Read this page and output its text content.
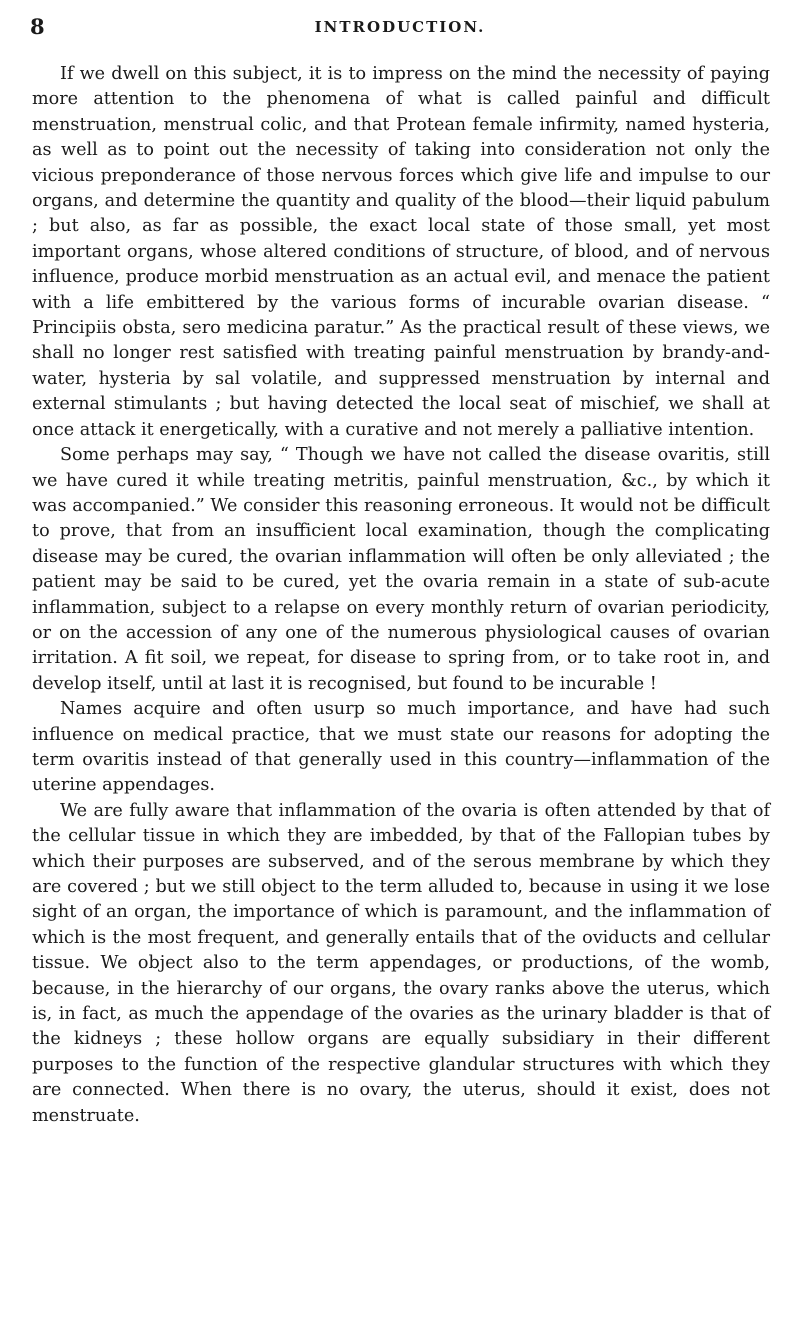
8	INTRODUCTION.

If we dwell on this subject, it is to impress on the mind the necessity of paying more attention to the phenomena of what is called painful and difficult menstruation, menstrual colic, and that Protean female infirmity, named hysteria, as well as to point out the necessity of taking into consideration not only the vicious preponderance of those nervous forces which give life and impulse to our organs, and determine the quantity and quality of the blood—their liquid pabulum ; but also, as far as possible, the exact local state of those small, yet most important organs, whose altered conditions of structure, of blood, and of nervous influence, produce morbid menstruation as an actual evil, and menace the patient with a life embittered by the various forms of incurable ovarian disease. “ Principiis obsta, sero medicina paratur.” As the practical result of these views, we shall no longer rest satisfied with treating painful menstruation by brandy-and-water, hysteria by sal volatile, and suppressed menstruation by internal and external stimulants ; but having detected the local seat of mischief, we shall at once attack it energetically, with a curative and not merely a palliative intention.

Some perhaps may say, “ Though we have not called the disease ovaritis, still we have cured it while treating metritis, painful menstruation, &c., by which it was accompanied.” We consider this reasoning erroneous. It would not be difficult to prove, that from an insufficient local examination, though the complicating disease may be cured, the ovarian inflammation will often be only alleviated ; the patient may be said to be cured, yet the ovaria remain in a state of sub-acute inflammation, subject to a relapse on every monthly return of ovarian periodicity, or on the accession of any one of the numerous physiological causes of ovarian irritation. A fit soil, we repeat, for disease to spring from, or to take root in, and develop itself, until at last it is recognised, but found to be incurable !

Names acquire and often usurp so much importance, and have had such influence on medical practice, that we must state our reasons for adopting the term ovaritis instead of that generally used in this country—inflammation of the uterine appendages.

We are fully aware that inflammation of the ovaria is often attended by that of the cellular tissue in which they are imbedded, by that of the Fallopian tubes by which their purposes are subserved, and of the serous membrane by which they are covered ; but we still object to the term alluded to, because in using it we lose sight of an organ, the importance of which is paramount, and the inflammation of which is the most frequent, and generally entails that of the oviducts and cellular tissue. We object also to the term appendages, or productions, of the womb, because, in the hierarchy of our organs, the ovary ranks above the uterus, which is, in fact, as much the appendage of the ovaries as the urinary bladder is that of the kidneys ; these hollow organs are equally subsidiary in their different purposes to the function of the respective glandular structures with which they are connected. When there is no ovary, the uterus, should it exist, does not menstruate.
